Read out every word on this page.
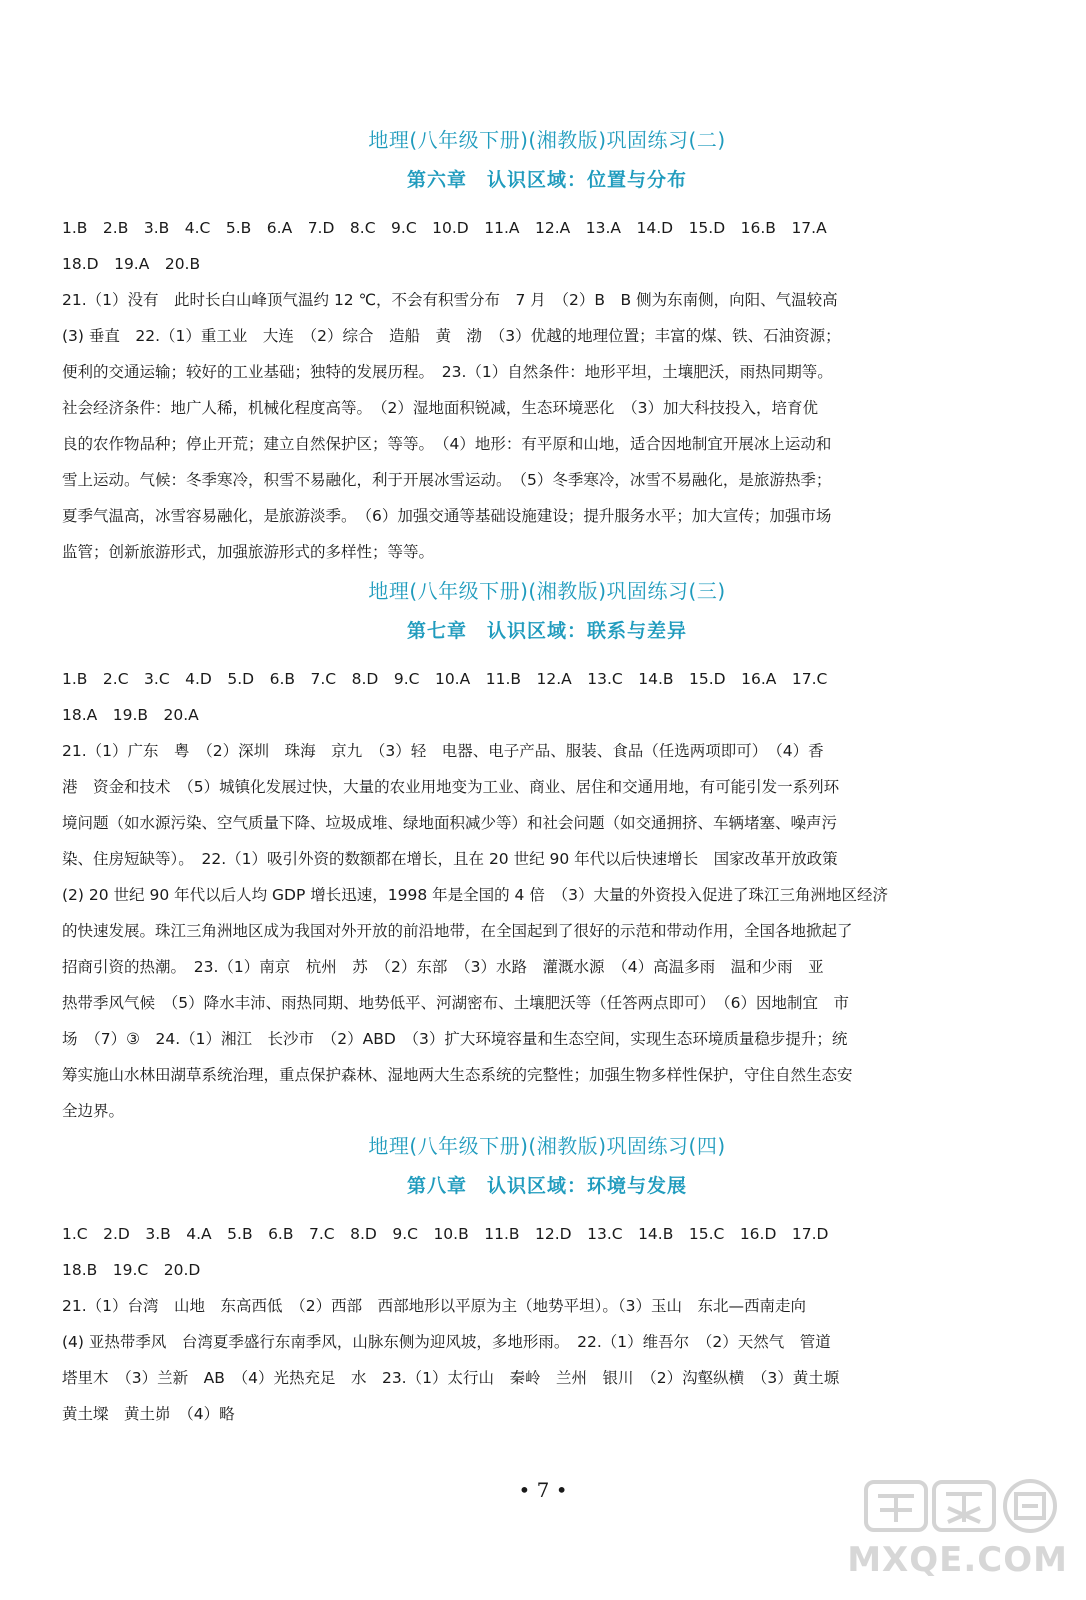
地理(八年级下册)(湘教版)巩固练习(二)
第六章　认识区域：位置与分布
1.B　2.B　3.B　4.C　5.B　6.A　7.D　8.C　9.C　10.D　11.A　12.A　13.A　14.D　15.D　16.B　17.A
18.D　19.A　20.B
21.（1）没有　此时长白山峰顶气温约 12 ℃，不会有积雪分布　7 月　（2）B　B 侧为东南侧，向阳、气温较高
(3) 垂直　22.（1）重工业　大连　（2）综合　造船　黄　渤　（3）优越的地理位置；丰富的煤、铁、石油资源；
便利的交通运输；较好的工业基础；独特的发展历程。　23.（1）自然条件：地形平坦，土壤肥沃，雨热同期等。
社会经济条件：地广人稀，机械化程度高等。　（2）湿地面积锐减，生态环境恶化　（3）加大科技投入，培育优
良的农作物品种；停止开荒；建立自然保护区；等等。　（4）地形：有平原和山地，适合因地制宜开展冰上运动和
雪上运动。气候：冬季寒冷，积雪不易融化，利于开展冰雪运动。　（5）冬季寒冷，冰雪不易融化，是旅游热季；
夏季气温高，冰雪容易融化，是旅游淡季。　（6）加强交通等基础设施建设；提升服务水平；加大宣传；加强市场
监管；创新旅游形式，加强旅游形式的多样性；等等。
地理(八年级下册)(湘教版)巩固练习(三)
第七章　认识区域：联系与差异
1.B　2.C　3.C　4.D　5.D　6.B　7.C　8.D　9.C　10.A　11.B　12.A　13.C　14.B　15.D　16.A　17.C
18.A　19.B　20.A
21.（1）广东　粤　（2）深圳　珠海　京九　（3）轻　电器、电子产品、服装、食品（任选两项即可）　（4）香
港　资金和技术　（5）城镇化发展过快，大量的农业用地变为工业、商业、居住和交通用地，有可能引发一系列环
境问题（如水源污染、空气质量下降、垃圾成堆、绿地面积减少等）和社会问题（如交通拥挤、车辆堵塞、噪声污
染、住房短缺等）。　22.（1）吸引外资的数额都在增长，且在 20 世纪 90 年代以后快速增长　国家改革开放政策
(2) 20 世纪 90 年代以后人均 GDP 增长迅速，1998 年是全国的 4 倍　（3）大量的外资投入促进了珠江三角洲地区经济
的快速发展。珠江三角洲地区成为我国对外开放的前沿地带，在全国起到了很好的示范和带动作用，全国各地掀起了
招商引资的热潮。　23.（1）南京　杭州　苏　（2）东部　（3）水路　灌溉水源　（4）高温多雨　温和少雨　亚
热带季风气候　（5）降水丰沛、雨热同期、地势低平、河湖密布、土壤肥沃等（任答两点即可）　（6）因地制宜　市
场　（7）③　24.（1）湘江　长沙市　（2）ABD　（3）扩大环境容量和生态空间，实现生态环境质量稳步提升；统
筹实施山水林田湖草系统治理，重点保护森林、湿地两大生态系统的完整性；加强生物多样性保护，守住自然生态安
全边界。
地理(八年级下册)(湘教版)巩固练习(四)
第八章　认识区域：环境与发展
1.C　2.D　3.B　4.A　5.B　6.B　7.C　8.D　9.C　10.B　11.B　12.D　13.C　14.B　15.C　16.D　17.D
18.B　19.C　20.D
21.（1）台湾　山地　东高西低　（2）西部　西部地形以平原为主（地势平坦）。（3）玉山　东北—西南走向
(4) 亚热带季风　台湾夏季盛行东南季风，山脉东侧为迎风坡，多地形雨。　22.（1）维吾尔　（2）天然气　管道
塔里木　（3）兰新　AB　（4）光热充足　水　23.（1）太行山　秦岭　兰州　银川　（2）沟壑纵横　（3）黄土塬
黄土墚　黄土峁　（4）略
• 7 •
MXQE.COM
